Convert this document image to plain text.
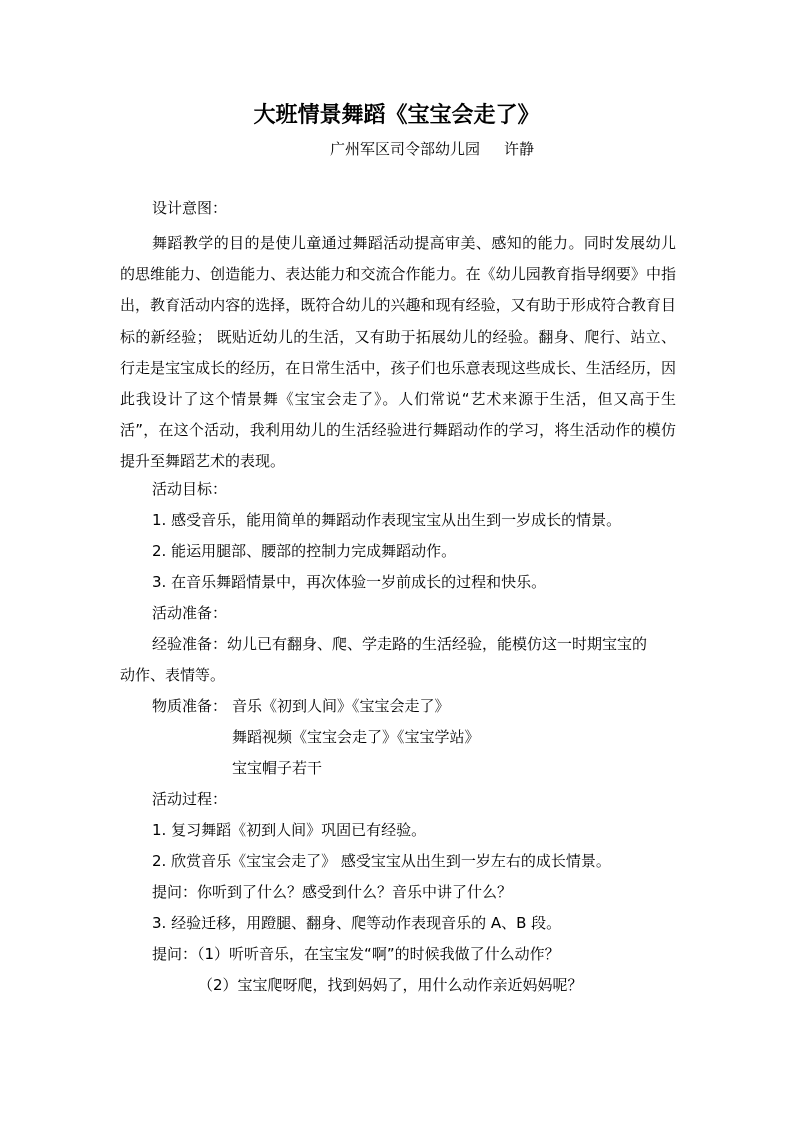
大班情景舞蹈《宝宝会走了》
广州军区司令部幼儿园 许静
设计意图：

舞蹈教学的目的是使儿童通过舞蹈活动提高审美、感知的能力。同时发展幼儿的思维能力、创造能力、表达能力和交流合作能力。在《幼儿园教育指导纲要》中指出，教育活动内容的选择，既符合幼儿的兴趣和现有经验，又有助于形成符合教育目标的新经验； 既贴近幼儿的生活，又有助于拓展幼儿的经验。翻身、爬行、站立、行走是宝宝成长的经历，在日常生活中，孩子们也乐意表现这些成长、生活经历，因此我设计了这个情景舞《宝宝会走了》。人们常说“艺术来源于生活，但又高于生活”，在这个活动，我利用幼儿的生活经验进行舞蹈动作的学习，将生活动作的模仿提升至舞蹈艺术的表现。

活动目标：
1. 感受音乐，能用简单的舞蹈动作表现宝宝从出生到一岁成长的情景。
2. 能运用腿部、腰部的控制力完成舞蹈动作。
3. 在音乐舞蹈情景中，再次体验一岁前成长的过程和快乐。
活动准备：
经验准备：幼儿已有翻身、爬、学走路的生活经验，能模仿这一时期宝宝的
动作、表情等。
物质准备： 音乐《初到人间》《宝宝会走了》
舞蹈视频《宝宝会走了》《宝宝学站》
宝宝帽子若干
活动过程：
1. 复习舞蹈《初到人间》巩固已有经验。
2. 欣赏音乐《宝宝会走了》 感受宝宝从出生到一岁左右的成长情景。
提问：你听到了什么？感受到什么？音乐中讲了什么？
3. 经验迁移，用蹬腿、翻身、爬等动作表现音乐的 A、B 段。
提问：（1）听听音乐，在宝宝发“啊”的时候我做了什么动作？
（2）宝宝爬呀爬，找到妈妈了，用什么动作亲近妈妈呢？
